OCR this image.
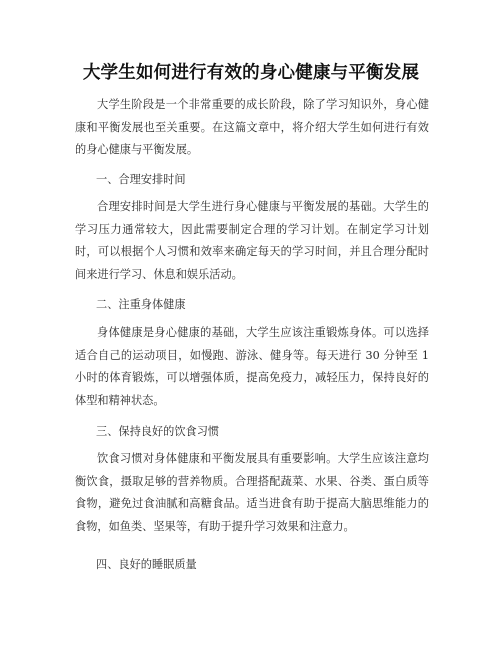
大学生如何进行有效的身心健康与平衡发展

大学生阶段是一个非常重要的成长阶段，除了学习知识外，身心健康和平衡发展也至关重要。在这篇文章中，将介绍大学生如何进行有效的身心健康与平衡发展。

一、合理安排时间

合理安排时间是大学生进行身心健康与平衡发展的基础。大学生的学习压力通常较大，因此需要制定合理的学习计划。在制定学习计划时，可以根据个人习惯和效率来确定每天的学习时间，并且合理分配时间来进行学习、休息和娱乐活动。

二、注重身体健康

身体健康是身心健康的基础，大学生应该注重锻炼身体。可以选择适合自己的运动项目，如慢跑、游泳、健身等。每天进行 30 分钟至 1 小时的体育锻炼，可以增强体质，提高免疫力，减轻压力，保持良好的体型和精神状态。

三、保持良好的饮食习惯

饮食习惯对身体健康和平衡发展具有重要影响。大学生应该注意均衡饮食，摄取足够的营养物质。合理搭配蔬菜、水果、谷类、蛋白质等食物，避免过食油腻和高糖食品。适当进食有助于提高大脑思维能力的食物，如鱼类、坚果等，有助于提升学习效果和注意力。

四、良好的睡眠质量
